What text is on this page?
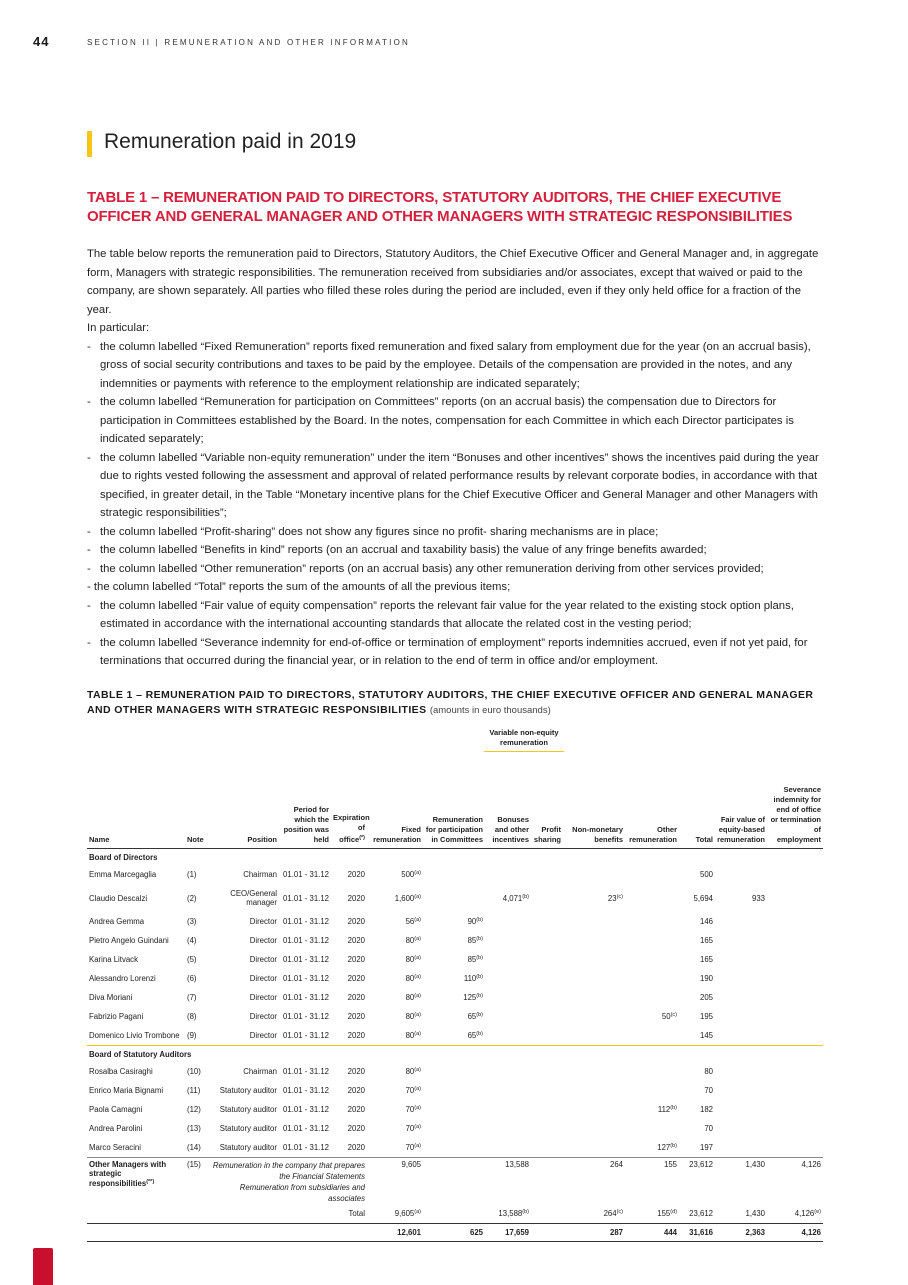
44	SECTION II | REMUNERATION AND OTHER INFORMATION
Remuneration paid in 2019
TABLE 1 – REMUNERATION PAID TO DIRECTORS, STATUTORY AUDITORS, THE CHIEF EXECUTIVE OFFICER AND GENERAL MANAGER AND OTHER MANAGERS WITH STRATEGIC RESPONSIBILITIES

The table below reports the remuneration paid to Directors, Statutory Auditors, the Chief Executive Officer and General Manager and, in aggregate form, Managers with strategic responsibilities. The remuneration received from subsidiaries and/or associates, except that waived or paid to the company, are shown separately. All parties who filled these roles during the period are included, even if they only held office for a fraction of the year.

In particular:

- the column labelled “Fixed Remuneration” reports fixed remuneration and fixed salary from employment due for the year (on an accrual basis), gross of social security contributions and taxes to be paid by the employee. Details of the compensation are provided in the notes, and any indemnities or payments with reference to the employment relationship are indicated separately;
- the column labelled “Remuneration for participation on Committees” reports (on an accrual basis) the compensation due to Directors for participation in Committees established by the Board. In the notes, compensation for each Committee in which each Director participates is indicated separately;
- the column labelled “Variable non-equity remuneration” under the item “Bonuses and other incentives” shows the incentives paid during the year due to rights vested following the assessment and approval of related performance results by relevant corporate bodies, in accordance with that specified, in greater detail, in the Table “Monetary incentive plans for the Chief Executive Officer and General Manager and other Managers with strategic responsibilities”;
- the column labelled “Profit-sharing” does not show any figures since no profit- sharing mechanisms are in place;
- the column labelled “Benefits in kind” reports (on an accrual and taxability basis) the value of any fringe benefits awarded;
- the column labelled “Other remuneration” reports (on an accrual basis) any other remuneration deriving from other services provided;
- the column labelled “Total” reports the sum of the amounts of all the previous items;
- the column labelled “Fair value of equity compensation” reports the relevant fair value for the year related to the existing stock option plans, estimated in accordance with the international accounting standards that allocate the related cost in the vesting period;
- the column labelled “Severance indemnity for end-of-office or termination of employment” reports indemnities accrued, even if not yet paid, for terminations that occurred during the financial year, or in relation to the end of term in office and/or employment.
TABLE 1 – REMUNERATION PAID TO DIRECTORS, STATUTORY AUDITORS, THE CHIEF EXECUTIVE OFFICER AND GENERAL MANAGER AND OTHER MANAGERS WITH STRATEGIC RESPONSIBILITIES (amounts in euro thousands)
Variable non-equity remuneration
Name	Note	Position	Period for which the position was held	Expiration of office(*)	Fixed remuneration	Remuneration for participation in Committees	Bonuses and other incentives	Profit sharing	Non-monetary benefits	Other remuneration	Total	Fair value of equity-based remuneration	Severance indemnity for end of office or termination of employment
Board of Directors													
Emma Marcegaglia	(1)	Chairman	01.01 - 31.12	2020	500$^{(a)}$						500		
Claudio Descalzi	(2)	CEO/General manager	01.01 - 31.12	2020	1,600$^{(a)}$		4,071$^{(b)}$		23$^{(c)}$		5,694	933	
Andrea Gemma	(3)	Director	01.01 - 31.12	2020	56$^{(a)}$	90$^{(b)}$					146		
Pietro Angelo Guindani	(4)	Director	01.01 - 31.12	2020	80$^{(a)}$	85$^{(b)}$					165		
Karina Litvack	(5)	Director	01.01 - 31.12	2020	80$^{(a)}$	85$^{(b)}$					165		
Alessandro Lorenzi	(6)	Director	01.01 - 31.12	2020	80$^{(a)}$	110$^{(b)}$					190		
Diva Moriani	(7)	Director	01.01 - 31.12	2020	80$^{(a)}$	125$^{(b)}$					205		
Fabrizio Pagani	(8)	Director	01.01 - 31.12	2020	80$^{(a)}$	65$^{(b)}$				50$^{(c)}$	195		
Domenico Livio Trombone	(9)	Director	01.01 - 31.12	2020	80$^{(a)}$	65$^{(b)}$					145		
Board of Statutory Auditors													
Rosalba Casiraghi	(10)	Chairman	01.01 - 31.12	2020	80$^{(a)}$						80		
Enrico Maria Bignami	(11)	Statutory auditor	01.01 - 31.12	2020	70$^{(a)}$						70		
Paola Camagni	(12)	Statutory auditor	01.01 - 31.12	2020	70$^{(a)}$					112$^{(b)}$	182		
Andrea Parolini	(13)	Statutory auditor	01.01 - 31.12	2020	70$^{(a)}$						70		
Marco Seracini	(14)	Statutory auditor	01.01 - 31.12	2020	70$^{(a)}$					127$^{(b)}$	197		
Other Managers with strategic responsibilities(**)	(15)	Remuneration in the company that prepares the Financial Statements			9,605		13,588		264	155	23,612	1,430	4,126
		Remuneration from subsidiaries and associates											
				Total	9,605$^{(a)}$		13,588$^{(b)}$		264$^{(c)}$	155$^{(d)}$	23,612	1,430	4,126$^{(e)}$
					12,601	625	17,659		287	444	31,616	2,363	4,126
